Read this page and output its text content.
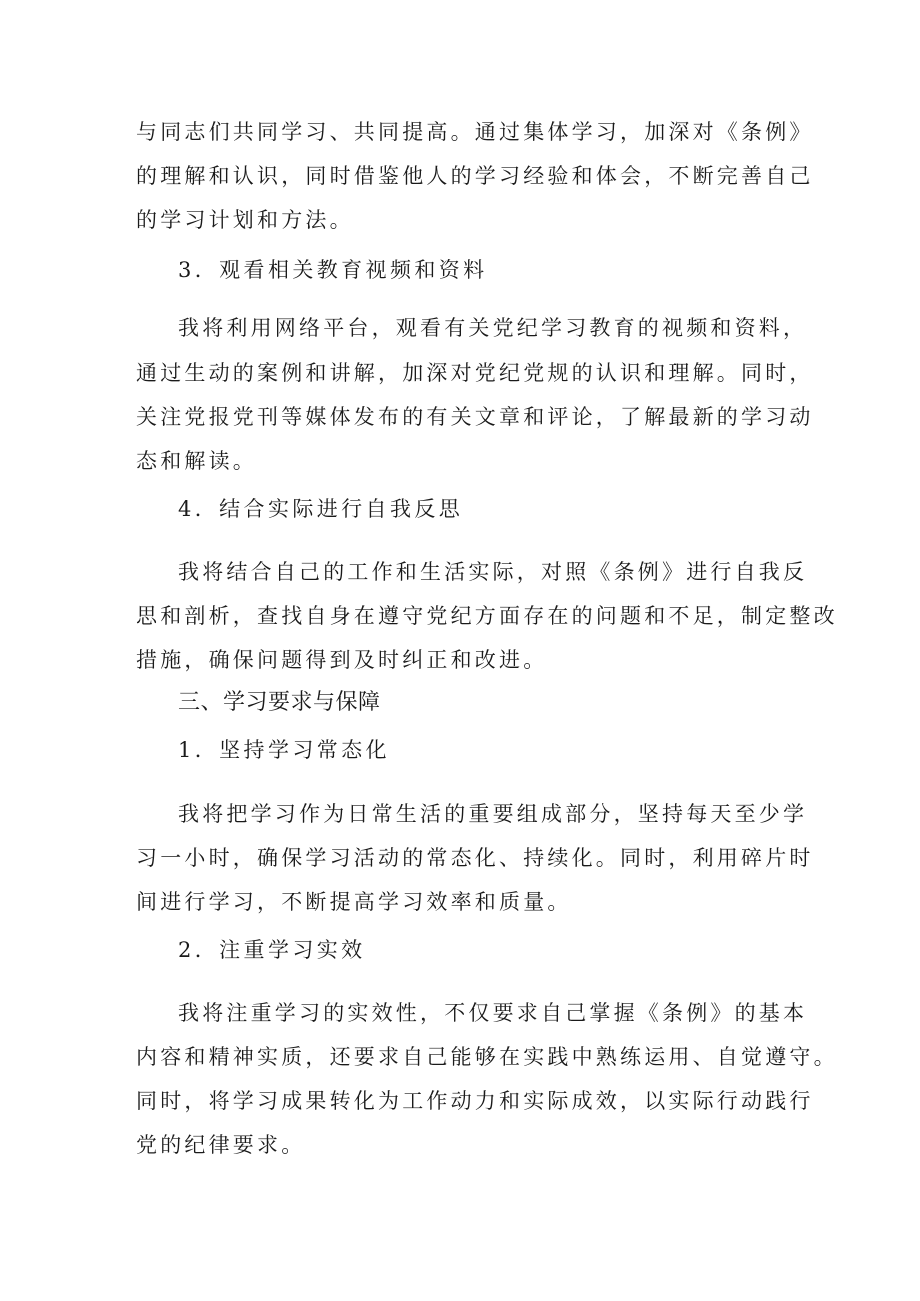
与同志们共同学习、共同提高。通过集体学习，加深对《条例》
的理解和认识，同时借鉴他人的学习经验和体会，不断完善自己
的学习计划和方法。
3．观看相关教育视频和资料
我将利用网络平台，观看有关党纪学习教育的视频和资料，
通过生动的案例和讲解，加深对党纪党规的认识和理解。同时，
关注党报党刊等媒体发布的有关文章和评论，了解最新的学习动
态和解读。
4．结合实际进行自我反思
我将结合自己的工作和生活实际，对照《条例》进行自我反
思和剖析，查找自身在遵守党纪方面存在的问题和不足，制定整改
措施，确保问题得到及时纠正和改进。
三、学习要求与保障
1．坚持学习常态化
我将把学习作为日常生活的重要组成部分，坚持每天至少学
习一小时，确保学习活动的常态化、持续化。同时，利用碎片时
间进行学习，不断提高学习效率和质量。
2．注重学习实效
我将注重学习的实效性，不仅要求自己掌握《条例》的基本
内容和精神实质，还要求自己能够在实践中熟练运用、自觉遵守。
同时，将学习成果转化为工作动力和实际成效，以实际行动践行
党的纪律要求。
